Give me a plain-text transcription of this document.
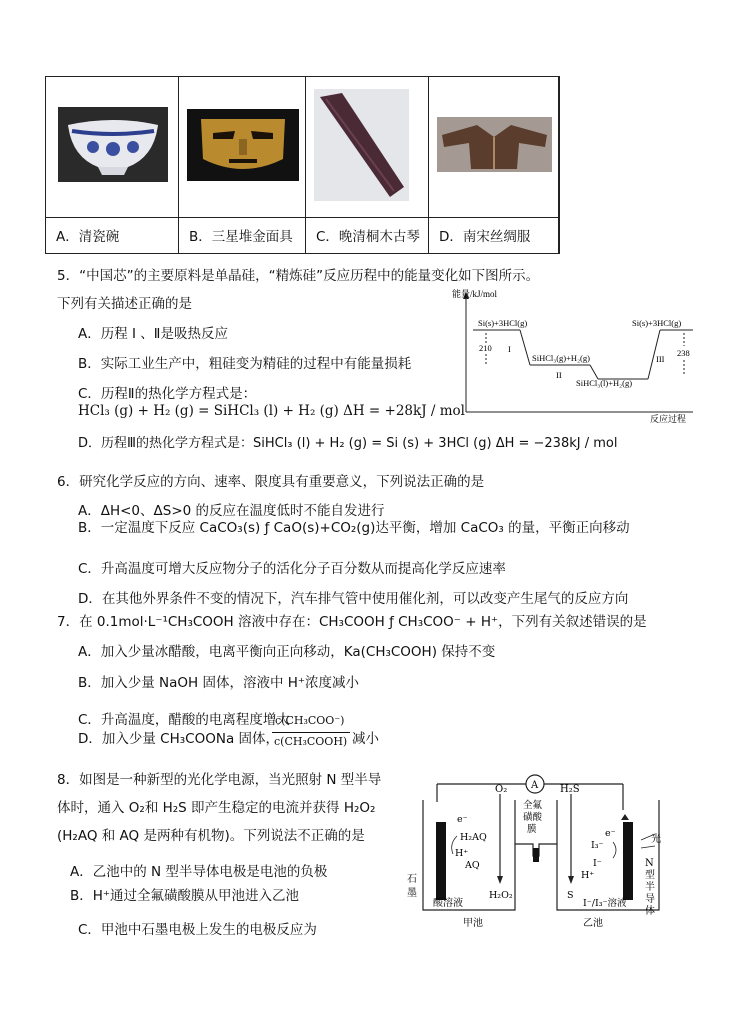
A．清瓷碗	B．三星堆金面具 C．晚清桐木古琴 D．南宋丝绸服
5．“中国芯”的主要原料是单晶硅，“精炼硅”反应历程中的能量变化如下图所示。
下列有关描述正确的是
A．历程 Ⅰ 、Ⅱ是吸热反应
B．实际工业生产中，粗硅变为精硅的过程中有能量损耗
C．历程Ⅱ的热化学方程式是：
HCl₃ (g) + H₂ (g) = SiHCl₃ (l) + H₂ (g) ΔH = +28kJ / mol
D．历程Ⅲ的热化学方程式是：SiHCl₃ (l) + H₂ (g) = Si (s) + 3HCl (g) ΔH = −238kJ / mol
能量/kJ/mol
反应过程
Si(s)+3HCl(g)
SiHCl₃(g)+H₂(g)
SiHCl₃(l)+H₂(g)
Si(s)+3HCl(g)
210	238
I
II
III
6．研究化学反应的方向、速率、限度具有重要意义，下列说法正确的是
A．ΔH<0、ΔS>0 的反应在温度低时不能自发进行
B．一定温度下反应 CaCO₃(s) ƒ CaO(s)+CO₂(g)达平衡，增加 CaCO₃ 的量，平衡正向移动
C．升高温度可增大反应物分子的活化分子百分数从而提高化学反应速率
D．在其他外界条件不变的情况下，汽车排气管中使用催化剂，可以改变产生尾气的反应方向
7．在 0.1mol·L⁻¹CH₃COOH 溶液中存在：CH₃COOH ƒ CH₃COO⁻ + H⁺，下列有关叙述错误的是
A．加入少量冰醋酸，电离平衡向正向移动，Ka(CH₃COOH) 保持不变
B．加入少量 NaOH 固体，溶液中 H⁺浓度减小
C．升高温度，醋酸的电离程度增大
D．加入少量 CH₃COONa 固体，
c(CH₃COO⁻)
c(CH₃COOH) 减小
8．如图是一种新型的光化学电源，当光照射 N 型半导
体时，通入 O₂和 H₂S 即产生稳定的电流并获得 H₂O₂
(H₂AQ 和 AQ 是两种有机物)。下列说法不正确的是
A．乙池中的 N 型半导体电极是电池的负极
B．H⁺通过全氟磺酸膜从甲池进入乙池
C．甲池中石墨电极上发生的电极反应为
A
O₂	H₂S
全氟
磺酸
膜
e⁻
e⁻
H₂AQ
H⁺
AQ
I₃⁻
I⁻
H⁺
H₂O₂	S
石
墨
酸溶液	I⁻/I₃⁻溶液
光
N
型
半
导
体
甲池	乙池
